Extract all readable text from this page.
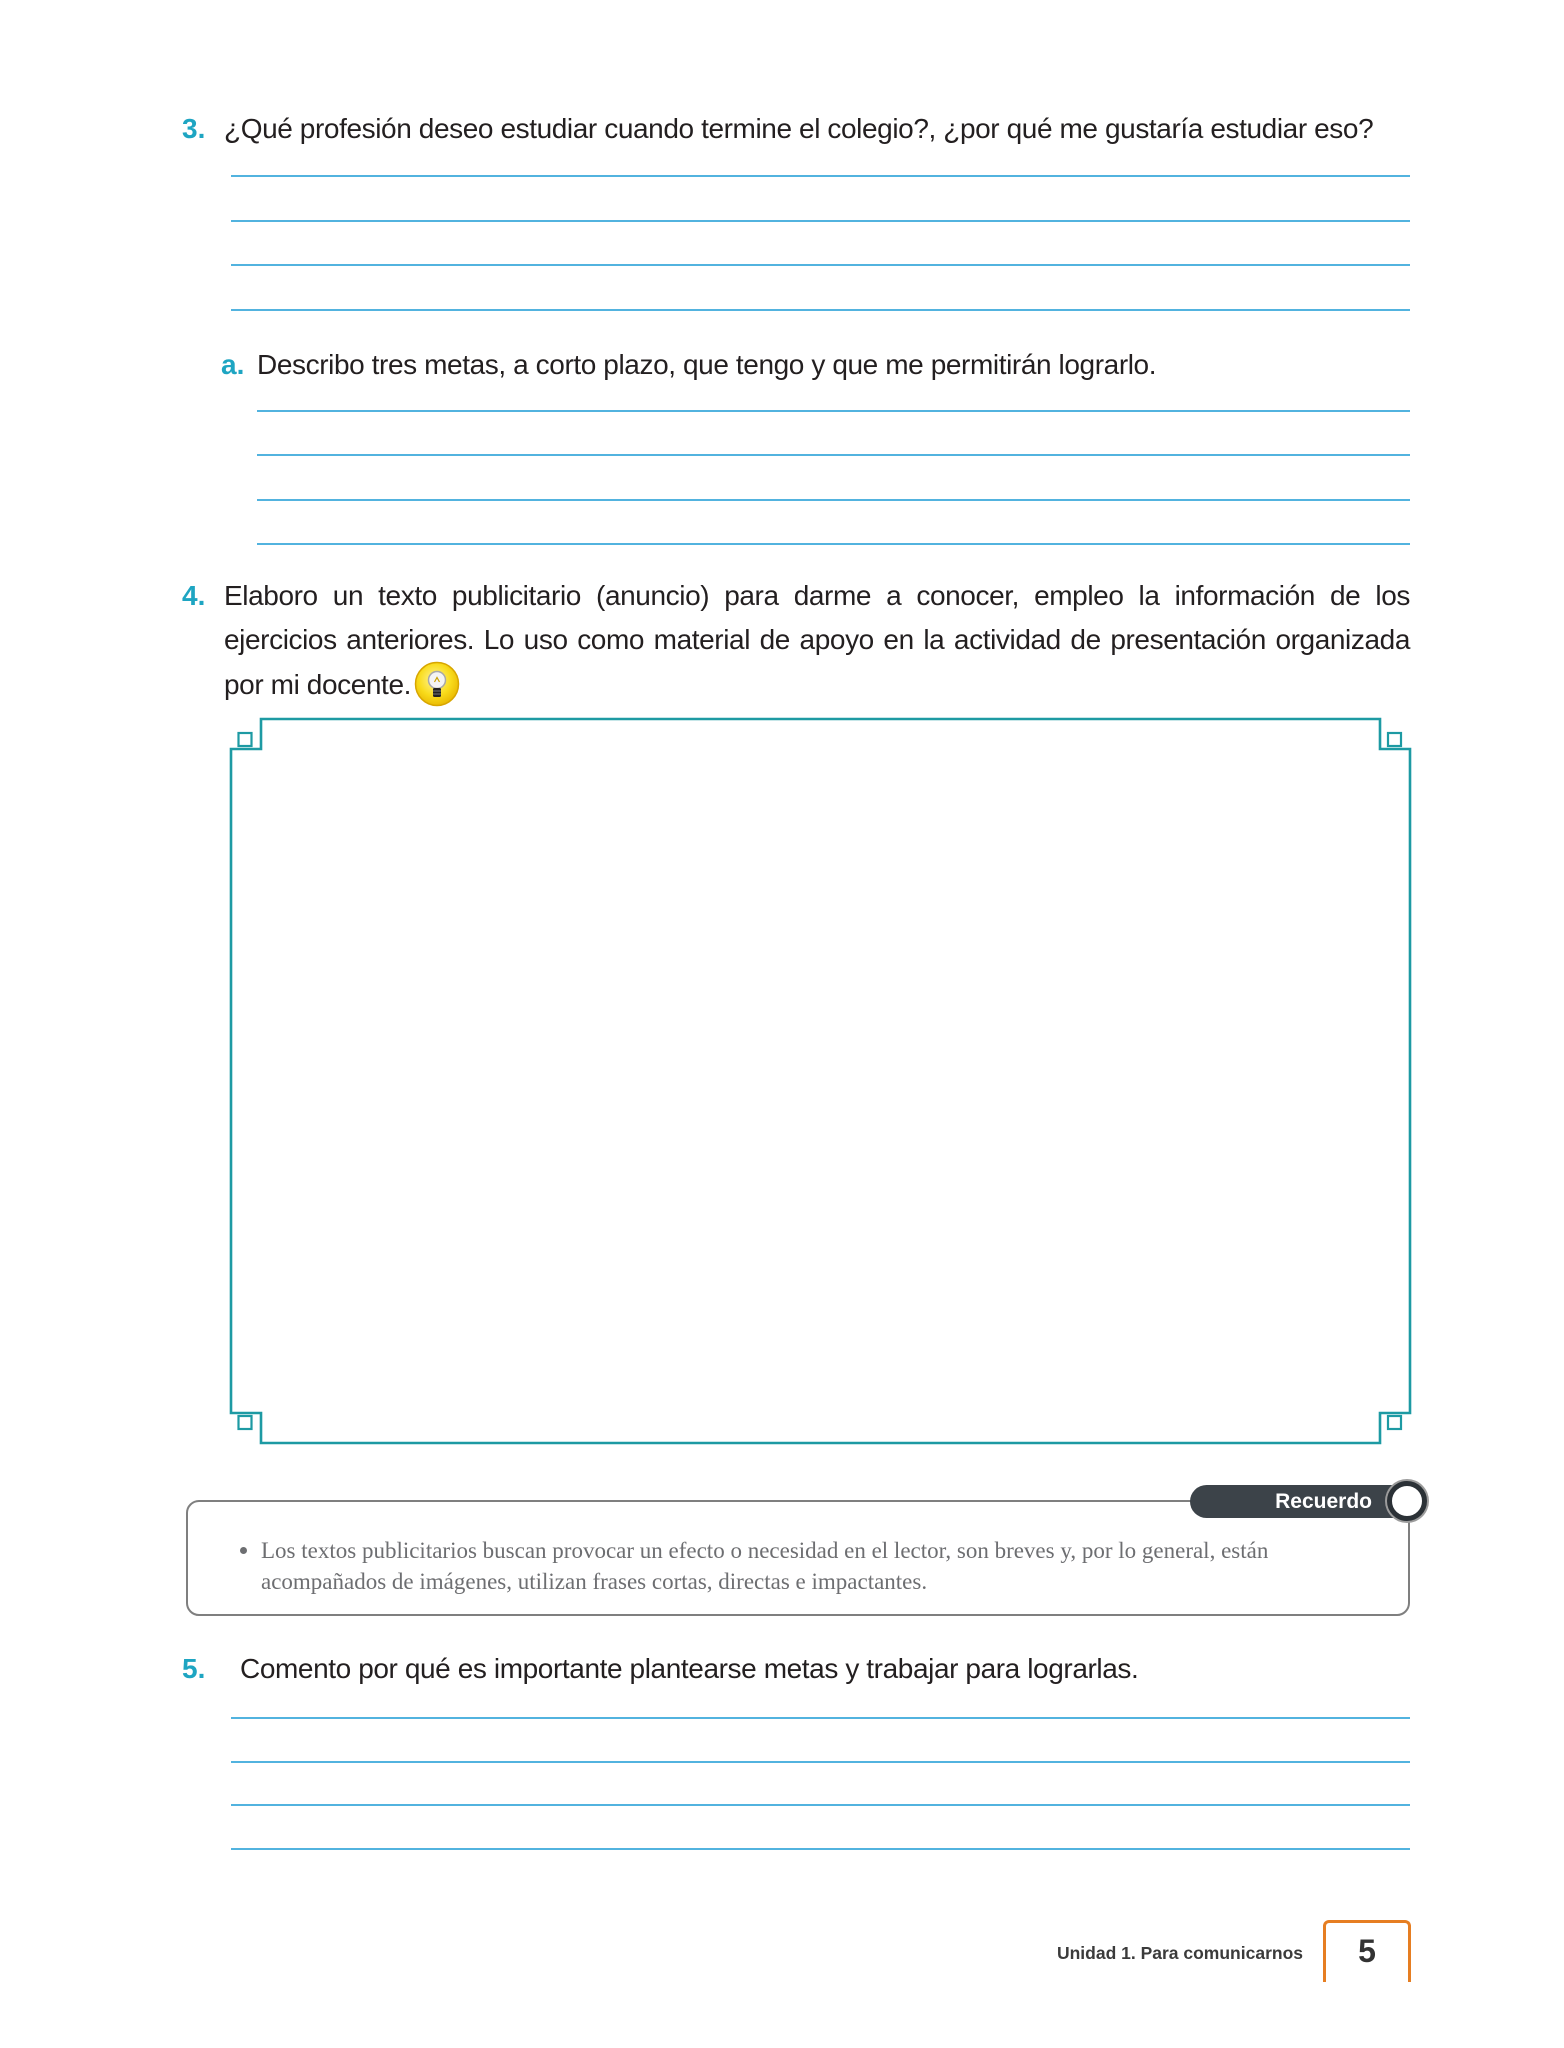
3. ¿Qué profesión deseo estudiar cuando termine el colegio?, ¿por qué me gustaría estudiar eso?
a. Describo tres metas, a corto plazo, que tengo y que me permitirán lograrlo.
4. Elaboro un texto publicitario (anuncio) para darme a conocer, empleo la información de los
ejercicios anteriores. Lo uso como material de apoyo en la actividad de presentación organizada
por mi docente.
Recuerdo
Los textos publicitarios buscan provocar un efecto o necesidad en el lector, son breves y, por lo general, están acompañados de imágenes, utilizan frases cortas, directas e impactantes.
5.	Comento por qué es importante plantearse metas y trabajar para lograrlas.
Unidad 1. Para comunicarnos	5
